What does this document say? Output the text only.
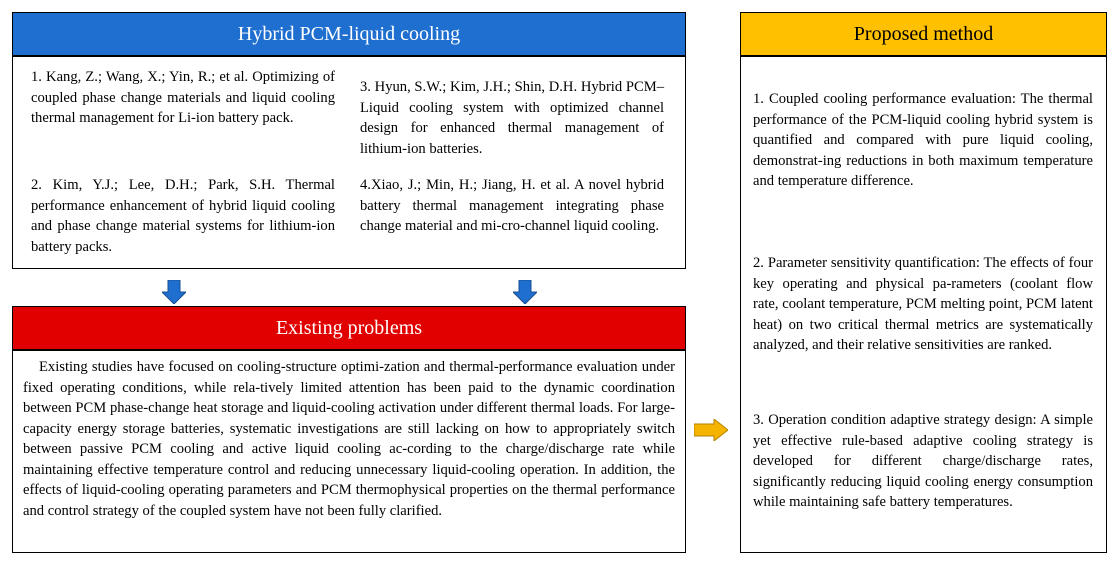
Hybrid PCM-liquid cooling
1. Kang, Z.; Wang, X.; Yin, R.; et al. Optimizing of coupled phase change materials and liquid cooling thermal management for Li-ion battery pack.
2. Kim, Y.J.; Lee, D.H.; Park, S.H. Thermal performance enhancement of hybrid liquid cooling and phase change material systems for lithium-ion battery packs.
3. Hyun, S.W.; Kim, J.H.; Shin, D.H. Hybrid PCM–Liquid cooling system with optimized channel design for enhanced thermal management of lithium-ion batteries.
4.Xiao, J.; Min, H.; Jiang, H. et al. A novel hybrid battery thermal management integrating phase change material and mi-cro-channel liquid cooling.
Existing problems
Existing studies have focused on cooling-structure optimi-zation and thermal-performance evaluation under fixed operating conditions, while rela-tively limited attention has been paid to the dynamic coordination between PCM phase-change heat storage and liquid-cooling activation under different thermal loads. For large-capacity energy storage batteries, systematic investigations are still lacking on how to appropriately switch between passive PCM cooling and active liquid cooling ac-cording to the charge/discharge rate while maintaining effective temperature control and reducing unnecessary liquid-cooling operation. In addition, the effects of liquid-cooling operating parameters and PCM thermophysical properties on the thermal performance and control strategy of the coupled system have not been fully clarified.
Proposed method
1. Coupled cooling performance evaluation: The thermal performance of the PCM-liquid cooling hybrid system is quantified and compared with pure liquid cooling, demonstrat-ing reductions in both maximum temperature and temperature difference.
2. Parameter sensitivity quantification: The effects of four key operating and physical pa-rameters (coolant flow rate, coolant temperature, PCM melting point, PCM latent heat) on two critical thermal metrics are systematically analyzed, and their relative sensitivities are ranked.
3. Operation condition adaptive strategy design: A simple yet effective rule-based adaptive cooling strategy is developed for different charge/discharge rates, significantly reducing liquid cooling energy consumption while maintaining safe battery temperatures.
